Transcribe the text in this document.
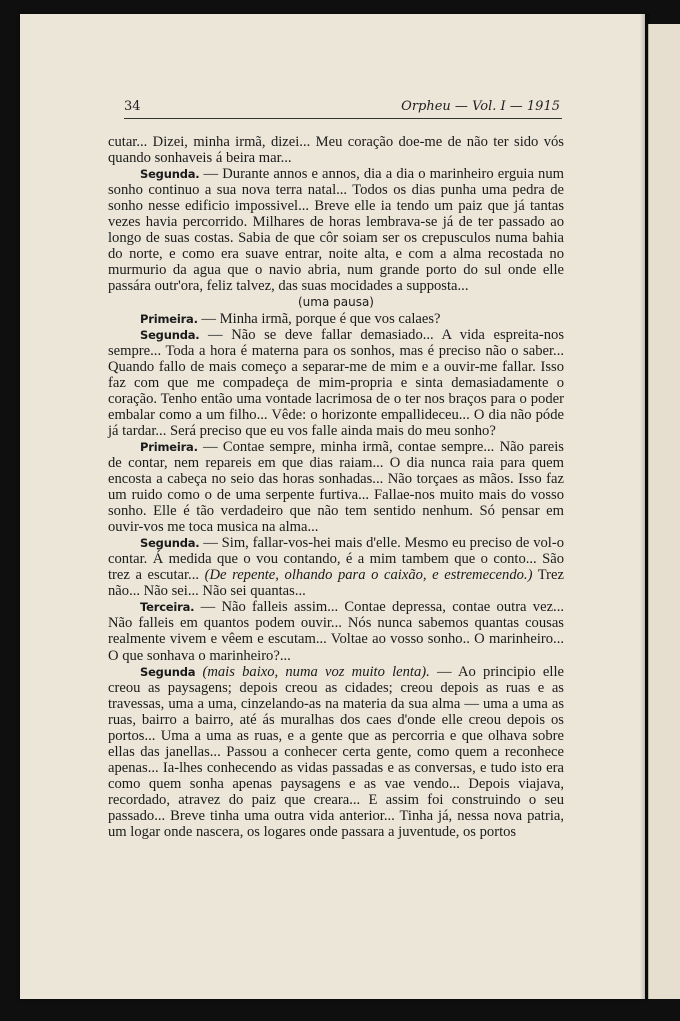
34	Orpheu — Vol. I — 1915

cutar... Dizei, minha irmã, dizei... Meu coração doe-me de não ter sido vós quando sonhaveis á beira mar...

Segunda. — Durante annos e annos, dia a dia o marinheiro erguia num sonho continuo a sua nova terra natal... Todos os dias punha uma pedra de sonho nesse edificio impossivel... Breve elle ia tendo um paiz que já tantas vezes havia percorrido. Milhares de horas lembrava-se já de ter passado ao longo de suas costas. Sabia de que côr soiam ser os crepusculos numa bahia do norte, e como era suave entrar, noite alta, e com a alma recostada no murmurio da agua que o navio abria, num grande porto do sul onde elle passára outr'ora, feliz talvez, das suas mocidades a supposta...

(uma pausa)

Primeira. — Minha irmã, porque é que vos calaes?

Segunda. — Não se deve fallar demasiado... A vida espreita-nos sempre... Toda a hora é materna para os sonhos, mas é preciso não o saber... Quando fallo de mais começo a separar-me de mim e a ouvir-me fallar. Isso faz com que me compadeça de mim-propria e sinta demasiadamente o coração. Tenho então uma vontade lacrimosa de o ter nos braços para o poder embalar como a um filho... Vêde: o horizonte empallideceu... O dia não póde já tardar... Será preciso que eu vos falle ainda mais do meu sonho?

Primeira. — Contae sempre, minha irmã, contae sempre... Não pareis de contar, nem repareis em que dias raiam... O dia nunca raia para quem encosta a cabeça no seio das horas sonhadas... Não torçaes as mãos. Isso faz um ruido como o de uma serpente furtiva... Fallae-nos muito mais do vosso sonho. Elle é tão verdadeiro que não tem sentido nenhum. Só pensar em ouvir-vos me toca musica na alma...

Segunda. — Sim, fallar-vos-hei mais d'elle. Mesmo eu preciso de vol-o contar. Á medida que o vou contando, é a mim tambem que o conto... São trez a escutar... (De repente, olhando para o caixão, e estremecendo.) Trez não... Não sei... Não sei quantas...

Terceira. — Não falleis assim... Contae depressa, contae outra vez... Não falleis em quantos podem ouvir... Nós nunca sabemos quantas cousas realmente vivem e vêem e escutam... Voltae ao vosso sonho.. O marinheiro... O que sonhava o marinheiro?...

Segunda (mais baixo, numa voz muito lenta). — Ao principio elle creou as paysagens; depois creou as cidades; creou depois as ruas e as travessas, uma a uma, cinzelando-as na materia da sua alma — uma a uma as ruas, bairro a bairro, até ás muralhas dos caes d'onde elle creou depois os portos... Uma a uma as ruas, e a gente que as percorria e que olhava sobre ellas das janellas... Passou a conhecer certa gente, como quem a reconhece apenas... Ia-lhes conhecendo as vidas passadas e as conversas, e tudo isto era como quem sonha apenas paysagens e as vae vendo... Depois viajava, recordado, atravez do paiz que creara... E assim foi construindo o seu passado... Breve tinha uma outra vida anterior... Tinha já, nessa nova patria, um logar onde nascera, os logares onde passara a juventude, os portos
